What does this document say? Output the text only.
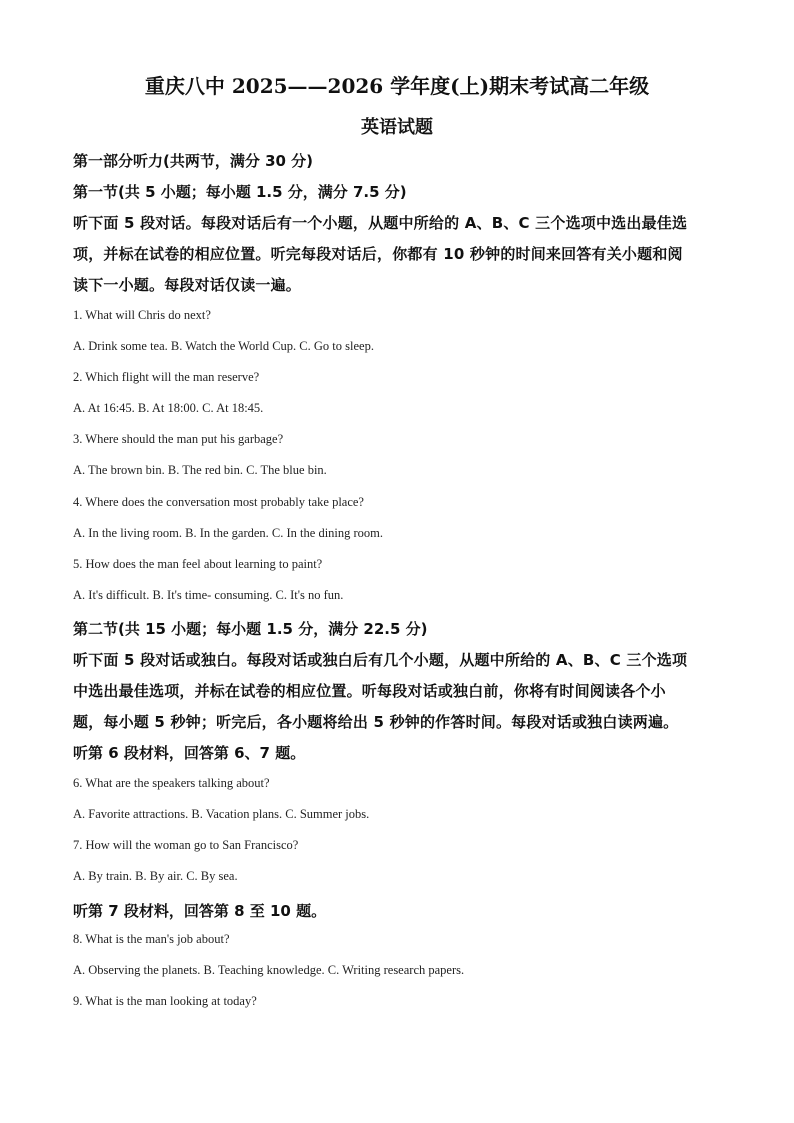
重庆八中 2025——2026 学年度(上)期末考试高二年级
英语试题
第一部分听力(共两节，满分 30 分)
第一节(共 5 小题；每小题 1.5 分，满分 7.5 分)
听下面 5 段对话。每段对话后有一个小题，从题中所给的 A、B、C 三个选项中选出最佳选
项，并标在试卷的相应位置。听完每段对话后，你都有 10 秒钟的时间来回答有关小题和阅
读下一小题。每段对话仅读一遍。
1. What will Chris do next?
A. Drink some tea. B. Watch the World Cup. C. Go to sleep.
2. Which flight will the man reserve?
A. At 16:45. B. At 18:00. C. At 18:45.
3. Where should the man put his garbage?
A. The brown bin. B. The red bin. C. The blue bin.
4. Where does the conversation most probably take place?
A. In the living room. B. In the garden. C. In the dining room.
5. How does the man feel about learning to paint?
A. It's difficult. B. It's time- consuming. C. It's no fun.
第二节(共 15 小题；每小题 1.5 分，满分 22.5 分)
听下面 5 段对话或独白。每段对话或独白后有几个小题，从题中所给的 A、B、C 三个选项
中选出最佳选项，并标在试卷的相应位置。听每段对话或独白前，你将有时间阅读各个小
题，每小题 5 秒钟；听完后，各小题将给出 5 秒钟的作答时间。每段对话或独白读两遍。
听第 6 段材料，回答第 6、7 题。
6. What are the speakers talking about?
A. Favorite attractions. B. Vacation plans. C. Summer jobs.
7. How will the woman go to San Francisco?
A. By train. B. By air. C. By sea.
听第 7 段材料，回答第 8 至 10 题。
8. What is the man's job about?
A. Observing the planets. B. Teaching knowledge. C. Writing research papers.
9. What is the man looking at today?
